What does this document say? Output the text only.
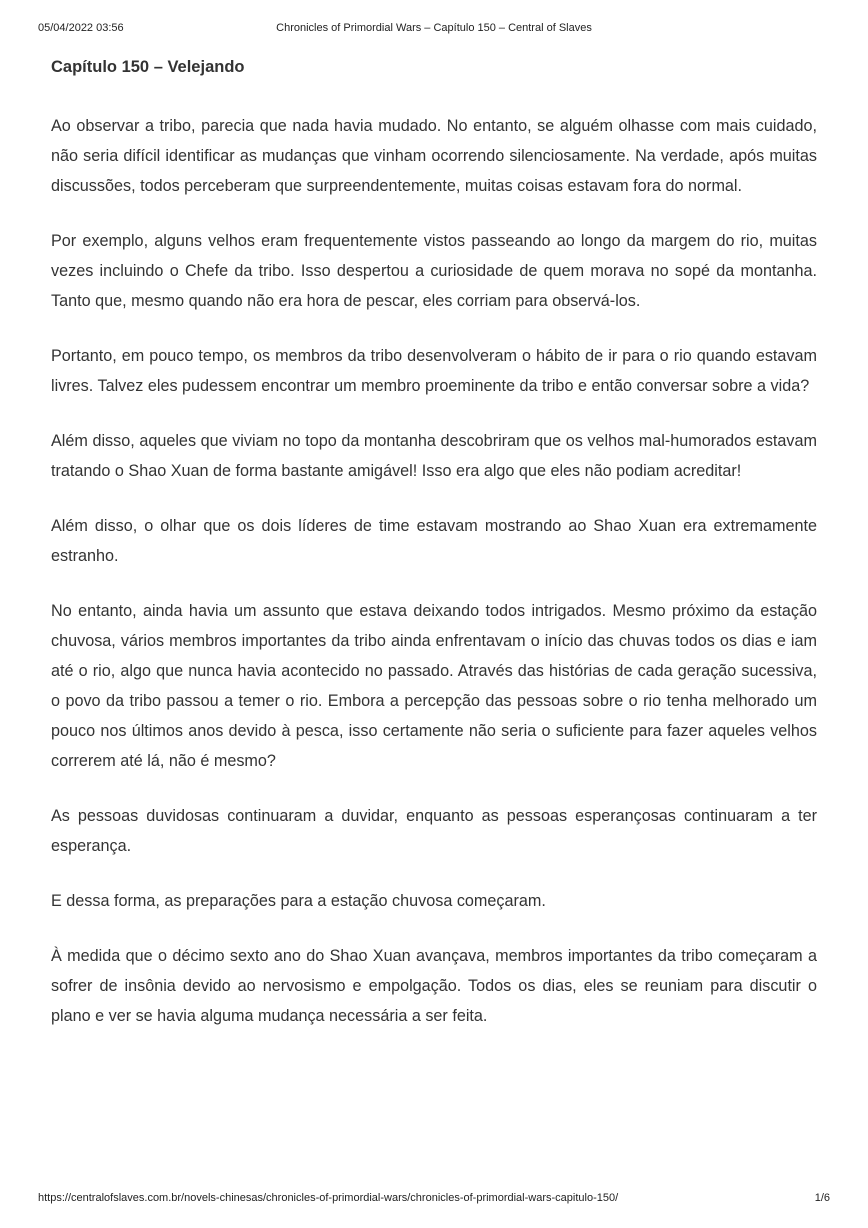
05/04/2022 03:56	Chronicles of Primordial Wars – Capítulo 150 – Central of Slaves
Capítulo 150 – Velejando

Ao observar a tribo, parecia que nada havia mudado. No entanto, se alguém olhasse com mais cuidado, não seria difícil identificar as mudanças que vinham ocorrendo silenciosamente. Na verdade, após muitas discussões, todos perceberam que surpreendentemente, muitas coisas estavam fora do normal.

Por exemplo, alguns velhos eram frequentemente vistos passeando ao longo da margem do rio, muitas vezes incluindo o Chefe da tribo. Isso despertou a curiosidade de quem morava no sopé da montanha. Tanto que, mesmo quando não era hora de pescar, eles corriam para observá-los.

Portanto, em pouco tempo, os membros da tribo desenvolveram o hábito de ir para o rio quando estavam livres. Talvez eles pudessem encontrar um membro proeminente da tribo e então conversar sobre a vida?

Além disso, aqueles que viviam no topo da montanha descobriram que os velhos mal-humorados estavam tratando o Shao Xuan de forma bastante amigável! Isso era algo que eles não podiam acreditar!

Além disso, o olhar que os dois líderes de time estavam mostrando ao Shao Xuan era extremamente estranho.

No entanto, ainda havia um assunto que estava deixando todos intrigados. Mesmo próximo da estação chuvosa, vários membros importantes da tribo ainda enfrentavam o início das chuvas todos os dias e iam até o rio, algo que nunca havia acontecido no passado. Através das histórias de cada geração sucessiva, o povo da tribo passou a temer o rio. Embora a percepção das pessoas sobre o rio tenha melhorado um pouco nos últimos anos devido à pesca, isso certamente não seria o suficiente para fazer aqueles velhos correrem até lá, não é mesmo?

As pessoas duvidosas continuaram a duvidar, enquanto as pessoas esperançosas continuaram a ter esperança.

E dessa forma, as preparações para a estação chuvosa começaram.

À medida que o décimo sexto ano do Shao Xuan avançava, membros importantes da tribo começaram a sofrer de insônia devido ao nervosismo e empolgação. Todos os dias, eles se reuniam para discutir o plano e ver se havia alguma mudança necessária a ser feita.

https://centralofslaves.com.br/novels-chinesas/chronicles-of-primordial-wars/chronicles-of-primordial-wars-capitulo-150/	1/6
